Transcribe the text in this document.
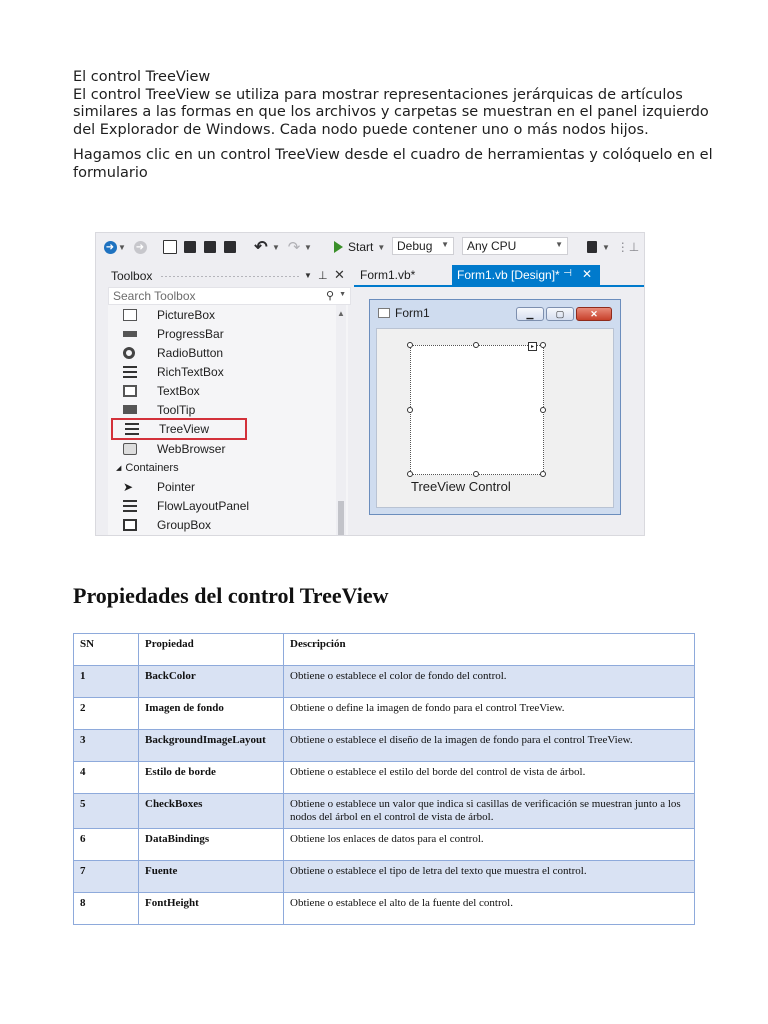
El control TreeView

El control TreeView se utiliza para mostrar representaciones jerárquicas de artículos similares a las formas en que los archivos y carpetas se muestran en el panel izquierdo del Explorador de Windows. Cada nodo puede contener uno o más nodos hijos.

Hagamos clic en un control TreeView desde el cuadro de herramientas y colóquelo en el formulario

➜ ▼ ➜	↶ ▼ ↷ ▼	Start ▼ Debug ▼ Any CPU	▼	▼ ⋮⊥
Toolbox	▼ ⊥ ✕
Search Toolbox	⚲ ▼
PictureBox
ProgressBar
RadioButton
RichTextBox
TextBox
ToolTip
TreeView
WebBrowser
◢ Containers
➤	Pointer
FlowLayoutPanel
GroupBox
▲
Form1.vb*	Form1.vb [Design]* ⊣ ✕
Form1	▁	▢	✕
▸
TreeView Control
Propiedades del control TreeView
SN	Propiedad	Descripción
1	BackColor	Obtiene o establece el color de fondo del control.
2	Imagen de fondo	Obtiene o define la imagen de fondo para el control TreeView.
3	BackgroundImageLayout	Obtiene o establece el diseño de la imagen de fondo para el control TreeView.
4	Estilo de borde	Obtiene o establece el estilo del borde del control de vista de árbol.
5	CheckBoxes	Obtiene o establece un valor que indica si casillas de verificación se muestran junto a los nodos del árbol en el control de vista de árbol.
6	DataBindings	Obtiene los enlaces de datos para el control.
7	Fuente	Obtiene o establece el tipo de letra del texto que muestra el control.
8	FontHeight	Obtiene o establece el alto de la fuente del control.
